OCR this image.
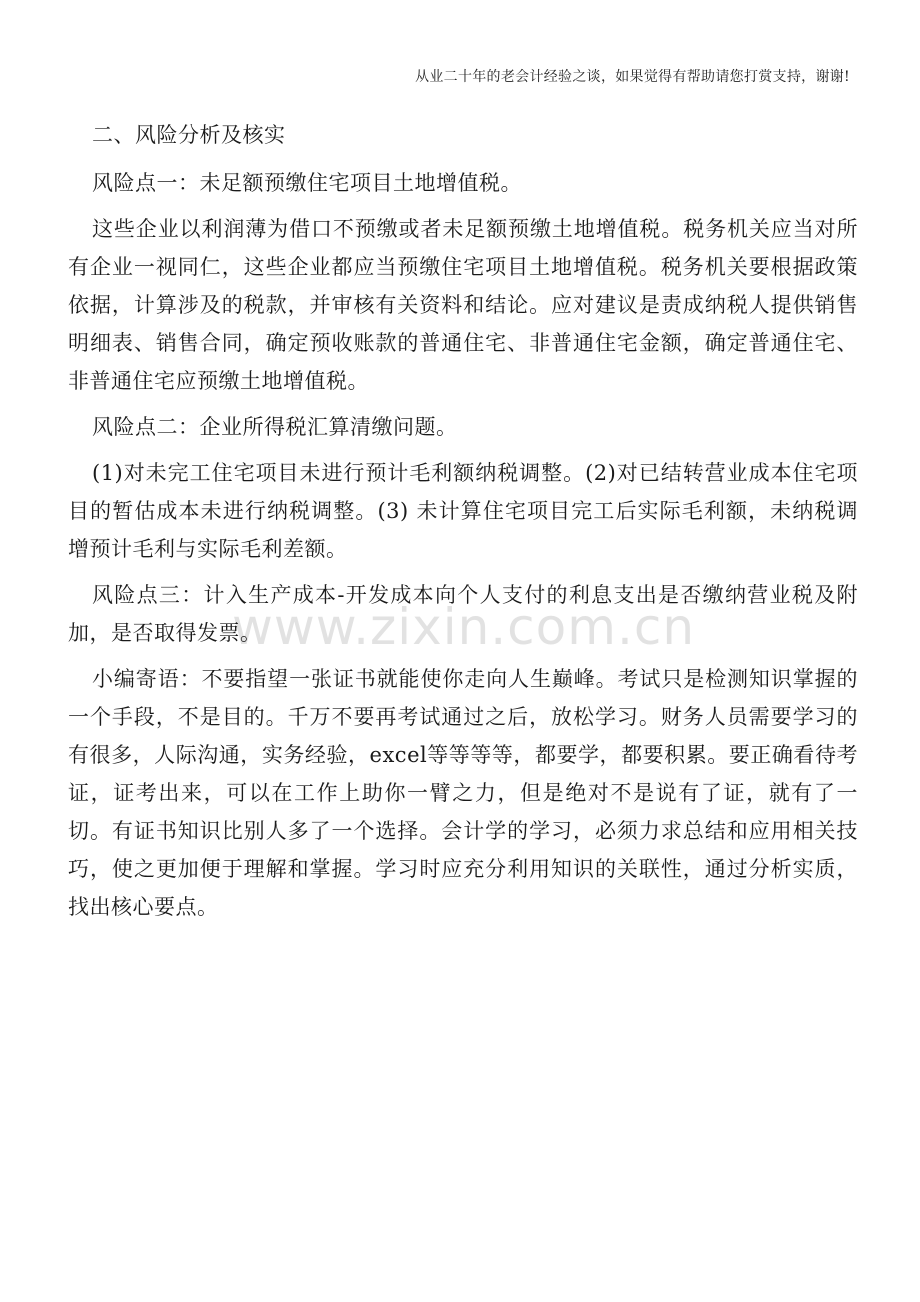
从业二十年的老会计经验之谈，如果觉得有帮助请您打赏支持，谢谢!
www.zixin.com.cn

二、风险分析及核实

风险点一：未足额预缴住宅项目土地增值税。

这些企业以利润薄为借口不预缴或者未足额预缴土地增值税。税务机关应当对所有企业一视同仁，这些企业都应当预缴住宅项目土地增值税。税务机关要根据政策依据，计算涉及的税款，并审核有关资料和结论。应对建议是责成纳税人提供销售明细表、销售合同，确定预收账款的普通住宅、非普通住宅金额，确定普通住宅、非普通住宅应预缴土地增值税。

风险点二：企业所得税汇算清缴问题。

(1)对未完工住宅项目未进行预计毛利额纳税调整。(2)对已结转营业成本住宅项目的暂估成本未进行纳税调整。(3) 未计算住宅项目完工后实际毛利额，未纳税调增预计毛利与实际毛利差额。

风险点三：计入生产成本-开发成本向个人支付的利息支出是否缴纳营业税及附加，是否取得发票。

小编寄语：不要指望一张证书就能使你走向人生巅峰。考试只是检测知识掌握的一个手段，不是目的。千万不要再考试通过之后，放松学习。财务人员需要学习的有很多，人际沟通，实务经验，excel等等等等，都要学，都要积累。要正确看待考证，证考出来，可以在工作上助你一臂之力，但是绝对不是说有了证，就有了一切。有证书知识比别人多了一个选择。会计学的学习，必须力求总结和应用相关技巧，使之更加便于理解和掌握。学习时应充分利用知识的关联性，通过分析实质，找出核心要点。
